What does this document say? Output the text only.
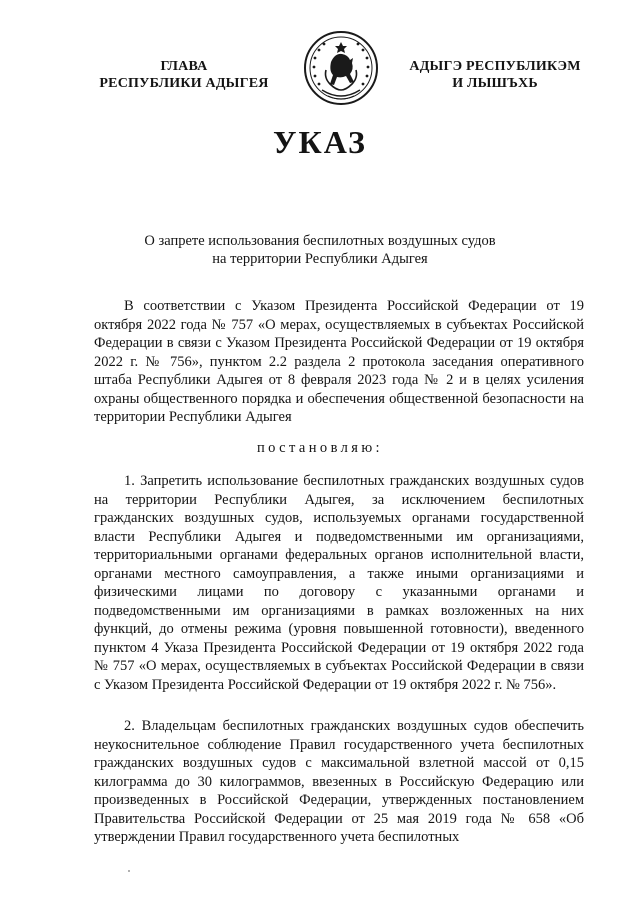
ГЛАВА
РЕСПУБЛИКИ АДЫГЕЯ
АДЫГЭ РЕСПУБЛИКЭМ
И ЛЫШЪХЬ
УКАЗ
О запрете использования беспилотных воздушных судов
на территории Республики Адыгея
В соответствии с Указом Президента Российской Федерации от 19 октября 2022 года № 757 «О мерах, осуществляемых в субъектах Российской Федерации в связи с Указом Президента Российской Федерации от 19 октября 2022 г. № 756», пунктом 2.2 раздела 2 протокола заседания оперативного штаба Республики Адыгея от 8 февраля 2023 года № 2 и в целях усиления охраны общественного порядка и обеспечения общественной безопасности на территории Республики Адыгея
постановляю:
1. Запретить использование беспилотных гражданских воздушных судов на территории Республики Адыгея, за исключением беспилотных гражданских воздушных судов, используемых органами государственной власти Республики Адыгея и подведомственными им организациями, территориальными органами федеральных органов исполнительной власти, органами местного самоуправления, а также иными организациями и физическими лицами по договору с указанными органами и подведомственными им организациями в рамках возложенных на них функций, до отмены режима (уровня повышенной готовности), введенного пунктом 4 Указа Президента Российской Федерации от 19 октября 2022 года № 757 «О мерах, осуществляемых в субъектах Российской Федерации в связи с Указом Президента Российской Федерации от 19 октября 2022 г. № 756».
2. Владельцам беспилотных гражданских воздушных судов обеспечить неукоснительное соблюдение Правил государственного учета беспилотных гражданских воздушных судов с максимальной взлетной массой от 0,15 килограмма до 30 килограммов, ввезенных в Российскую Федерацию или произведенных в Российской Федерации, утвержденных постановлением Правительства Российской Федерации от 25 мая 2019 года № 658 «Об утверждении Правил государственного учета беспилотных
